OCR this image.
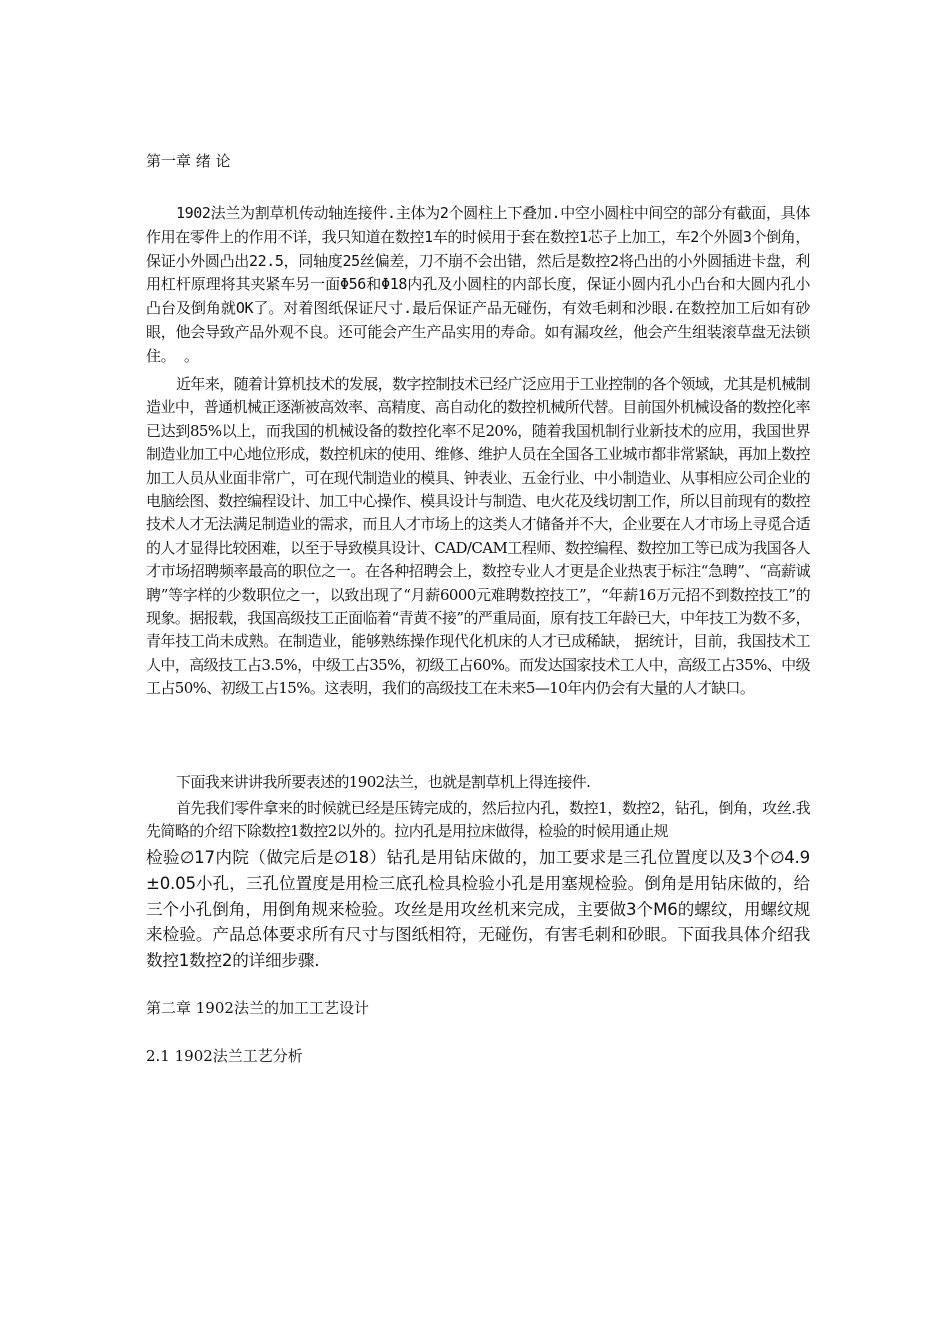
第一章 绪 论

1902法兰为割草机传动轴连接件.主体为2个圆柱上下叠加.中空小圆柱中间空的部分有截面，具体作用在零件上的作用不详，我只知道在数控1车的时候用于套在数控1芯子上加工，车2个外圆3个倒角，保证小外圆凸出22.5，同轴度25丝偏差，刀不崩不会出错，然后是数控2将凸出的小外圆插进卡盘，利用杠杆原理将其夹紧车另一面Φ56和Φ18内孔及小圆柱的内部长度，保证小圆内孔小凸台和大圆内孔小凸台及倒角就OK了。对着图纸保证尺寸.最后保证产品无碰伤，有效毛刺和沙眼.在数控加工后如有砂眼，他会导致产品外观不良。还可能会产生产品实用的寿命。如有漏攻丝，他会产生组装滚草盘无法锁住。 。

近年来，随着计算机技术的发展，数字控制技术已经广泛应用于工业控制的各个领域，尤其是机械制造业中，普通机械正逐渐被高效率、高精度、高自动化的数控机械所代替。目前国外机械设备的数控化率已达到85%以上，而我国的机械设备的数控化率不足20%，随着我国机制行业新技术的应用，我国世界制造业加工中心地位形成，数控机床的使用、维修、维护人员在全国各工业城市都非常紧缺，再加上数控加工人员从业面非常广，可在现代制造业的模具、钟表业、五金行业、中小制造业、从事相应公司企业的电脑绘图、数控编程设计、加工中心操作、模具设计与制造、电火花及线切割工作，所以目前现有的数控技术人才无法满足制造业的需求，而且人才市场上的这类人才储备并不大，企业要在人才市场上寻觅合适的人才显得比较困难，以至于导致模具设计、CAD/CAM工程师、数控编程、数控加工等已成为我国各人才市场招聘频率最高的职位之一。在各种招聘会上，数控专业人才更是企业热衷于标注“急聘”、“高薪诚聘”等字样的少数职位之一，以致出现了“月薪6000元难聘数控技工”，“年薪16万元招不到数控技工”的现象。据报载，我国高级技工正面临着“青黄不接”的严重局面，原有技工年龄已大，中年技工为数不多，青年技工尚未成熟。在制造业，能够熟练操作现代化机床的人才已成稀缺， 据统计，目前，我国技术工人中，高级技工占3.5%，中级工占35%，初级工占60%。而发达国家技术工人中，高级工占35%、中级工占50%、初级工占15%。这表明，我们的高级技工在未来5—10年内仍会有大量的人才缺口。

下面我来讲讲我所要表述的1902法兰，也就是割草机上得连接件.

首先我们零件拿来的时候就已经是压铸完成的，然后拉内孔，数控1，数控2，钻孔，倒角，攻丝.我先简略的介绍下除数控1数控2以外的。拉内孔是用拉床做得，检验的时候用通止规

检验∅17内院（做完后是∅18）钻孔是用钻床做的，加工要求是三孔位置度以及3个∅4.9±0.05小孔，三孔位置度是用检三底孔检具检验小孔是用塞规检验。倒角是用钻床做的，给三个小孔倒角，用倒角规来检验。攻丝是用攻丝机来完成，主要做3个M6的螺纹，用螺纹规来检验。产品总体要求所有尺寸与图纸相符，无碰伤，有害毛刺和砂眼。下面我具体介绍我数控1数控2的详细步骤.

第二章 1902法兰的加工工艺设计
2.1 1902法兰工艺分析
